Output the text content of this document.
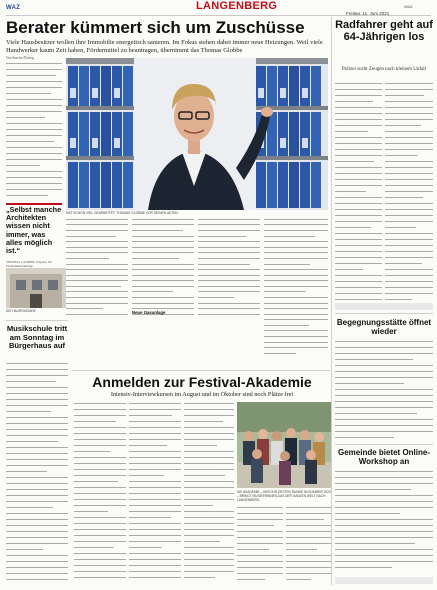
WAZ	LANGENBERG	WAZ
Freitag, 11. Juni 2021
Berater kümmert sich um Zuschüsse
Viele Hausbesitzer wollen ihre Immobilie energetisch sanieren. Im Fokus stehen dabei immer neue Heizungen. Weil viele Handwerker kaum Zeit haben, Fördermittel zu beantragen, übernimmt das Thomas Globbe
Von Sascha Döring
„Selbst manche Architekten wissen nicht immer, was alles möglich ist.“
THOMAS GLOBBE, Experte für Fördermittelanträge
HAT SCHON VIEL GEARBEITET: THOMAS GLOBBE VOR SEINEN AKTEN.
Neue Gasanlage
DIE HAUSFASSADE
Radfahrer geht auf 64-Jährigen los
Polizei sucht Zeugen nach kleinem Unfall
Begegnungsstätte öffnet wieder
Gemeinde bietet Online-Workshop an
Musikschule tritt am Sonntag im Bürgerhaus auf
Anmelden zur Festival-Akademie
Intensiv-Interviewkursen im August und im Oktober sind noch Plätze frei
DIE AKADEMIE – HIER IHR ERSTEN RUNDE IM SOMMER 2020 – BRINGT MUSIKERINNEN AUS DER GANZEN WELT NACH LANGENBERG.
